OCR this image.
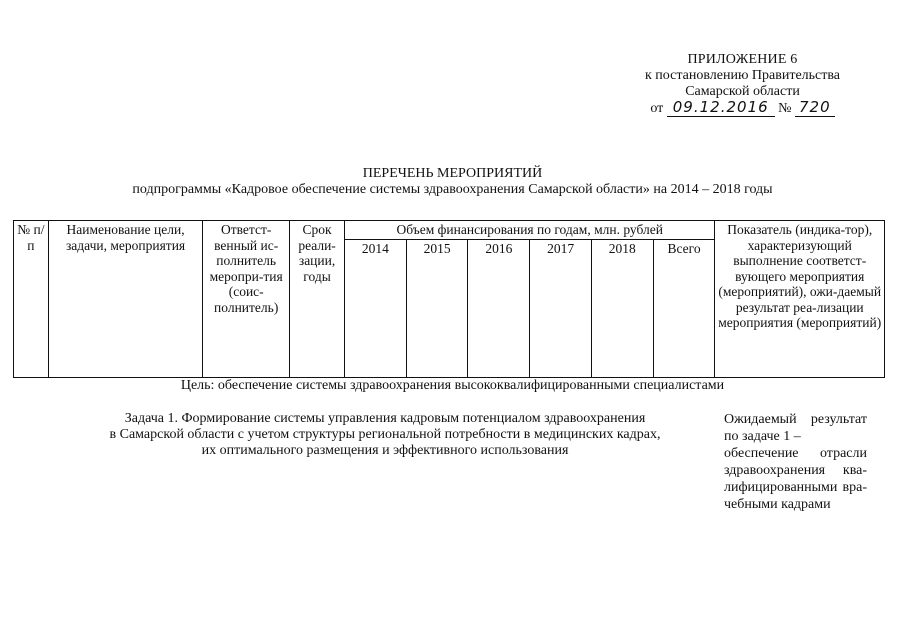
ПРИЛОЖЕНИЕ 6
к постановлению Правительства
Самарской области
от 09.12.2016 № 720
ПЕРЕЧЕНЬ МЕРОПРИЯТИЙ
подпрограммы «Кадровое обеспечение системы здравоохранения Самарской области» на 2014 – 2018 годы
№ п/п	Наименование цели, задачи, мероприятия	Ответст-венный ис-полнитель меропри-тия (соис-полнитель)	Срок реали-зации, годы	Объем финансирования по годам, млн. рублей						Показатель (индика-тор), характеризующий выполнение соответст-вующего мероприятия (мероприятий), ожи-даемый результат реа-лизации мероприятия (мероприятий)
				2014	2015	2016	2017	2018	Всего	
Цель: обеспечение системы здравоохранения высококвалифицированными специалистами
Задача 1. Формирование системы управления кадровым потенциалом здравоохранения
в Самарской области с учетом структуры региональной потребности в медицинских кадрах,
их оптимального размещения и эффективного использования
Ожидаемый результат
по задаче 1 –
обеспечение отрасли
здравоохранения ква-
лифицированными вра-
чебными кадрами
